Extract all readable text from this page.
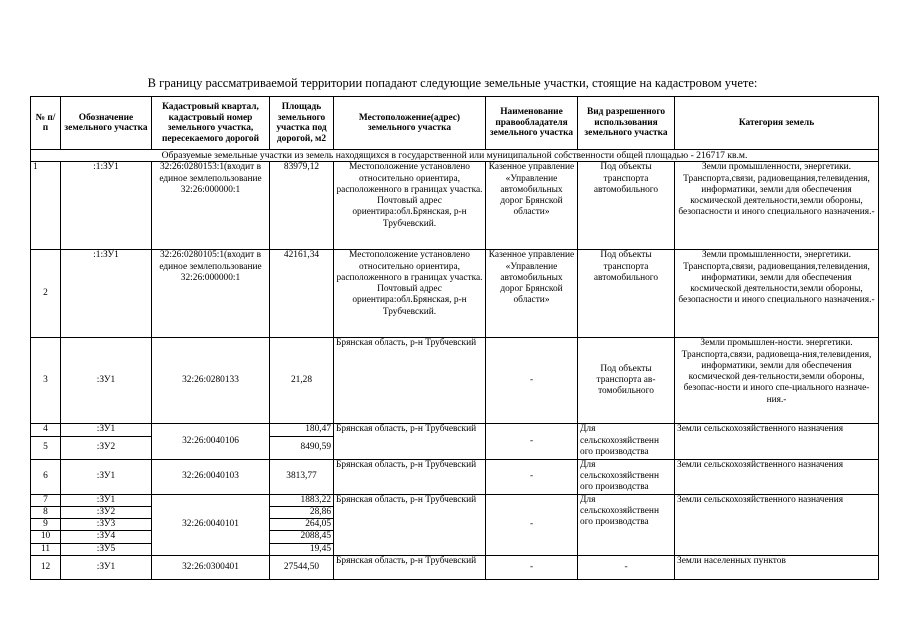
В границу рассматриваемой территории попадают следующие земельные участки, стоящие на кадастровом учете:
№ п/п	Обозначение земельного участка	Кадастровый квартал, кадастровый номер земельного участка, пересекаемого дорогой	Площадь земельного участка под дорогой, м2	Местоположение(адрес) земельного участка	Наименование правообладателя земельного участка	Вид разрешенного использования земельного участка	Категория земель
Образуемые земельные участки из земель находящихся в государственной или муниципальной собственности общей площадью - 216717 кв.м.							
1	:1:ЗУ1	32:26:0280153:1(входит в единое землепользование 32:26:000000:1	83979,12	Местоположение установлено относительно ориентира, расположенного в границах участка. Почтовый адрес ориентира:обл.Брянская, р-н Трубчевский.	Казенное управление «Управление автомобильных дорог Брянской области»	Под объекты транспорта автомобильного	Земли промышленности, энергетики. Транспорта,связи, радиовещания,телевидения, информатики, земли для обеспечения космической деятельности,земли обороны, безопасности и иного специального назначения.-
2	:1:ЗУ1	32:26:0280105:1(входит в единое землепользование 32:26:000000:1	42161,34	Местоположение установлено относительно ориентира, расположенного в границах участка. Почтовый адрес ориентира:обл.Брянская, р-н Трубчевский.	Казенное управление «Управление автомобильных дорог Брянской области»	Под объекты транспорта автомобильного	Земли промышленности, энергетики. Транспорта,связи, радиовещания,телевидения, информатики, земли для обеспечения космической деятельности,земли обороны, безопасности и иного специального назначения.-
3	:ЗУ1	32:26:0280133	21,28	Брянская область, р-н Трубчевский	-	Под объекты транспорта ав-томобильного	Земли промышлен-ности. энергетики. Транспорта,связи, радиовеща-ния,телевидения, информатики, земли для обеспечения космической дея-тельности,земли обороны, безопас-ности и иного спе-циального назначе-ния.-
4	:ЗУ1	32:26:0040106	180,47	Брянская область, р-н Трубчевский	-	Для сельскохозяйственн ого производства	Земли сельскохозяйственного назначения
5	:ЗУ2		8490,59				
6	:ЗУ1	32:26:0040103	3813,77	Брянская область, р-н Трубчевский	-	Для сельскохозяйственн ого производства	Земли сельскохозяйственного назначения
7	:ЗУ1	32:26:0040101	1883,22	Брянская область, р-н Трубчевский	-	Для сельскохозяйственн ого производства	Земли сельскохозяйственного назначения
8	:ЗУ2		28,86				
9	:ЗУ3		264,05				
10	:ЗУ4		2088,45				
11	:ЗУ5		19,45				
12	:ЗУ1	32:26:0300401	27544,50	Брянская область, р-н Трубчевский	-	-	Земли населенных пунктов
